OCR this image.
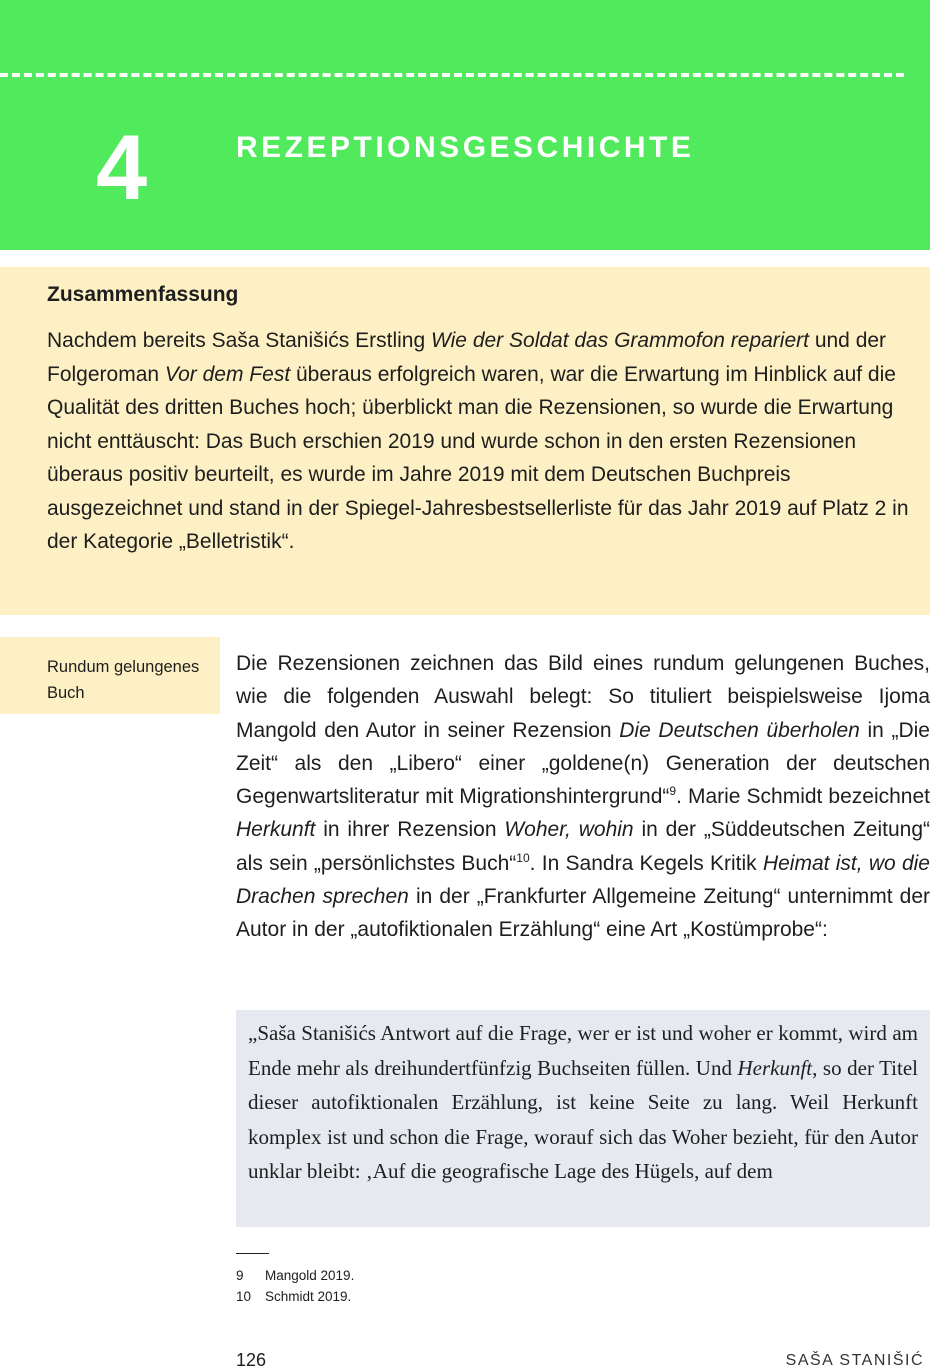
4	REZEPTIONSGESCHICHTE
Zusammenfassung

Nachdem bereits Saša Stanišićs Erstling Wie der Soldat das Grammofon repariert und der Folgeroman Vor dem Fest überaus erfolgreich waren, war die Erwartung im Hinblick auf die Qualität des dritten Buches hoch; überblickt man die Rezensionen, so wurde die Erwartung nicht enttäuscht: Das Buch erschien 2019 und wurde schon in den ersten Rezensionen überaus positiv beurteilt, es wurde im Jahre 2019 mit dem Deutschen Buchpreis ausgezeichnet und stand in der Spiegel-Jahresbestsellerliste für das Jahr 2019 auf Platz 2 in der Kategorie „Belletristik“.

Rundum gelungenes Buch

Die Rezensionen zeichnen das Bild eines rundum gelungenen Buches, wie die folgenden Auswahl belegt: So tituliert beispielsweise Ijoma Mangold den Autor in seiner Rezension Die Deutschen überholen in „Die Zeit“ als den „Libero“ einer „goldene(n) Generation der deutschen Gegenwartsliteratur mit Migrationshintergrund“$^9$. Marie Schmidt bezeichnet Herkunft in ihrer Rezension Woher, wohin in der „Süddeutschen Zeitung“ als sein „persönlichstes Buch“$^{10}$. In Sandra Kegels Kritik Heimat ist, wo die Drachen sprechen in der „Frankfurter Allgemeine Zeitung“ unternimmt der Autor in der „autofiktionalen Erzählung“ eine Art „Kostümprobe“:

„Saša Stanišićs Antwort auf die Frage, wer er ist und woher er kommt, wird am Ende mehr als dreihundertfünfzig Buchseiten füllen. Und Herkunft, so der Titel dieser autofiktionalen Erzählung, ist keine Seite zu lang. Weil Herkunft komplex ist und schon die Frage, worauf sich das Woher bezieht, für den Autor unklar bleibt: ‚Auf die geografische Lage des Hügels, auf dem

9 Mangold 2019.

10 Schmidt 2019.

126	SAŠA STANIŠIĆ
